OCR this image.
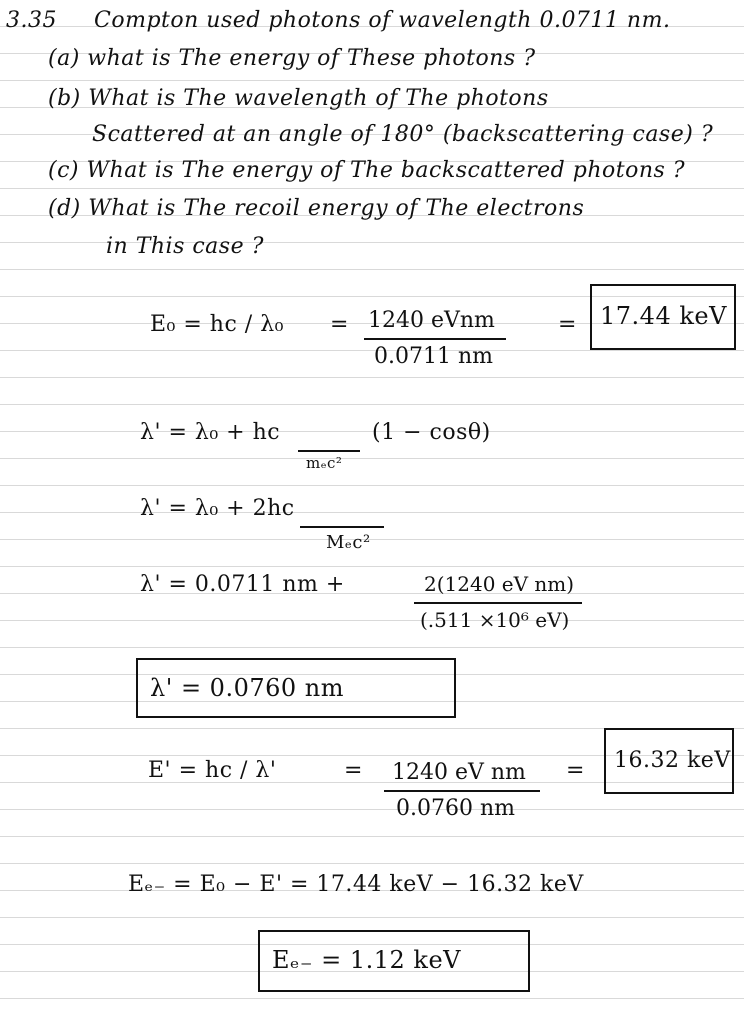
3.35 Compton used photons of wavelength 0.0711 nm.
(a) what is The energy of These photons ?
(b) What is The wavelength of The photons
Scattered at an angle of 180° (backscattering case) ?
(c) What is The energy of The backscattered photons ?
(d) What is The recoil energy of The electrons
in This case ?
E₀ = hc / λ₀ = 1240 eVnm
0.0711 nm
= 17.44 keV
λ' = λ₀ + hc
mₑc²
(1 − cosθ)
λ' = λ₀ + 2hc
Mₑc²
λ' = 0.0711 nm +	2(1240 eV nm)
(.511 ×10⁶ eV)
λ' = 0.0760 nm
E' = hc / λ'	= 1240 eV nm
0.0760 nm
= 16.32 keV
Eₑ₋ = E₀ − E' = 17.44 keV − 16.32 keV
Eₑ₋ = 1.12 keV
